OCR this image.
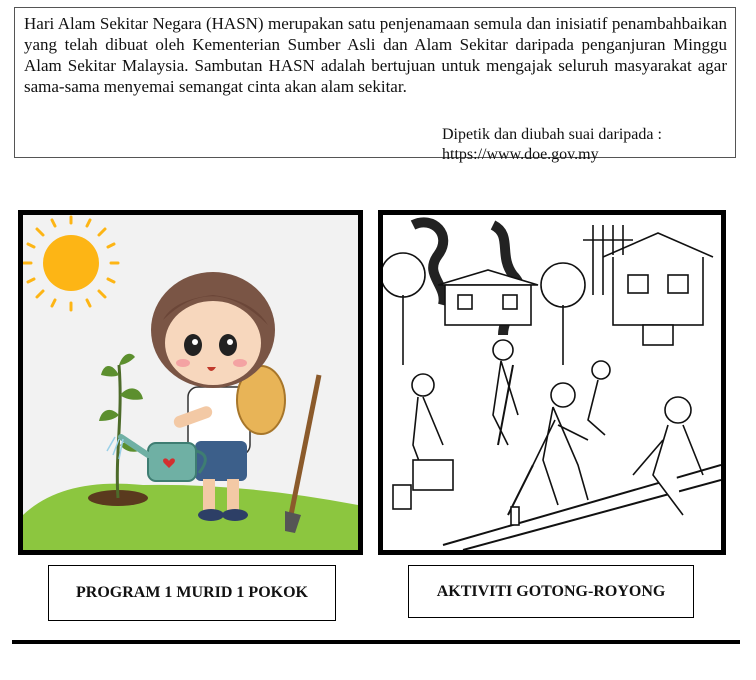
Hari Alam Sekitar Negara (HASN) merupakan satu penjenamaan semula dan inisiatif penambahbaikan yang telah dibuat oleh Kementerian Sumber Asli dan Alam Sekitar daripada penganjuran Minggu Alam Sekitar Malaysia. Sambutan HASN adalah bertujuan untuk mengajak seluruh masyarakat agar sama-sama menyemai semangat cinta akan alam sekitar.

Dipetik dan diubah suai daripada :
https://www.doe.gov.my
PROGRAM 1 MURID 1 POKOK	AKTIVITI GOTONG-ROYONG
